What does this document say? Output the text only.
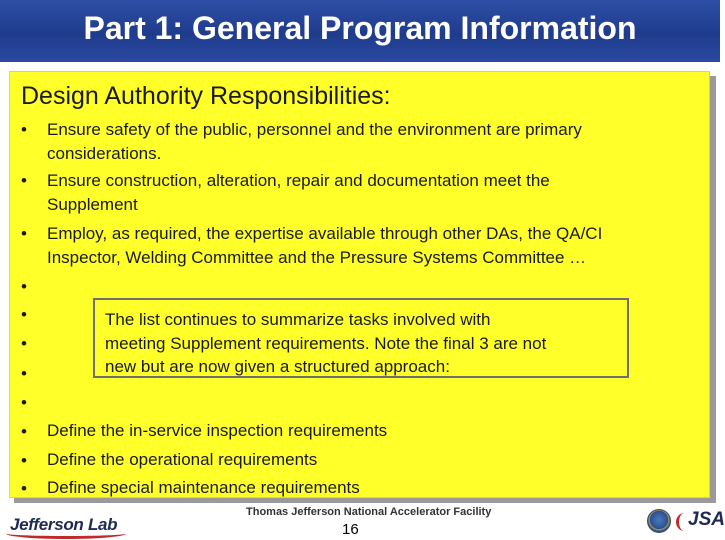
Part 1: General Program Information
Design Authority Responsibilities:
• Ensure safety of the public, personnel and the environment are primary
considerations.
• Ensure construction, alteration, repair and documentation meet the
Supplement
• Employ, as required, the expertise available through other DAs, the QA/CI
Inspector, Welding Committee and the Pressure Systems Committee …
•
•
•
•
•
• Define the in-service inspection requirements
• Define the operational requirements
• Define special maintenance requirements
The list continues to summarize tasks involved with
meeting Supplement requirements. Note the final 3 are not
new but are now given a structured approach:
Jefferson Lab
Thomas Jefferson National Accelerator Facility
16	JSA
